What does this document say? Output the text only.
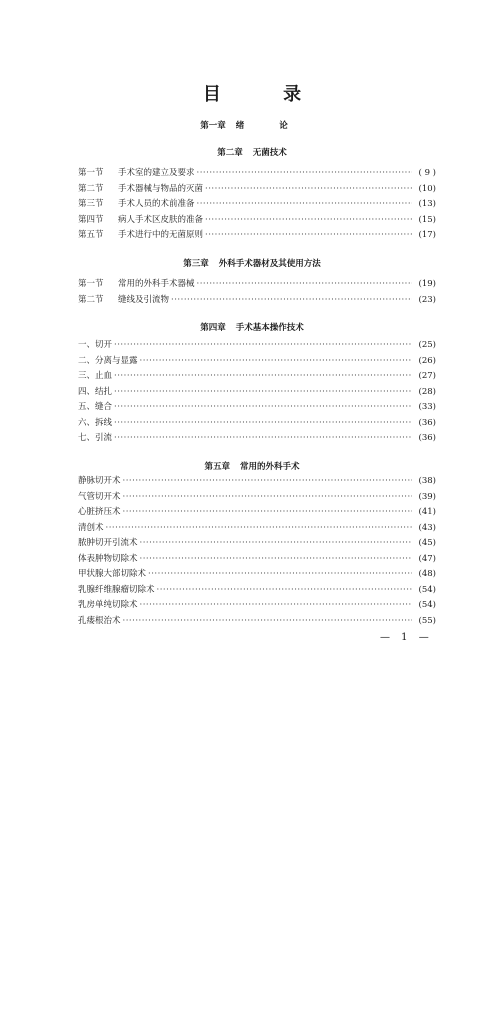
目 录
第一章 绪 论
第二章 无菌技术
第一节	手术室的建立及要求 ·····	( 9 )
第二节	手术器械与物品的灭菌 ·····	(10)
第三节	手术人员的术前准备 ·····	(13)
第四节	病人手术区皮肤的准备 ·····	(15)
第五节	手术进行中的无菌原则 ·····	(17)
第三章 外科手术器材及其使用方法
第一节	常用的外科手术器械 ·····	(19)
第二节	缝线及引流物 ·····	(23)
第四章 手术基本操作技术
一、切开 ·····	(25)
二、分离与显露 ·····	(26)
三、止血 ·····	(27)
四、结扎 ·····	(28)
五、缝合 ·····	(33)
六、拆线 ·····	(36)
七、引流 ·····	(36)
第五章 常用的外科手术
静脉切开术 ·····	(38)
气管切开术 ·····	(39)
心脏挤压术 ·····	(41)
清创术 ·····	(43)
脓肿切开引流术 ·····	(45)
体表肿物切除术 ·····	(47)
甲状腺大部切除术 ·····	(48)
乳腺纤维腺瘤切除术 ·····	(54)
乳房单纯切除术 ·····	(54)
孔瘘根治术 ·····	(55)
— 1 —
